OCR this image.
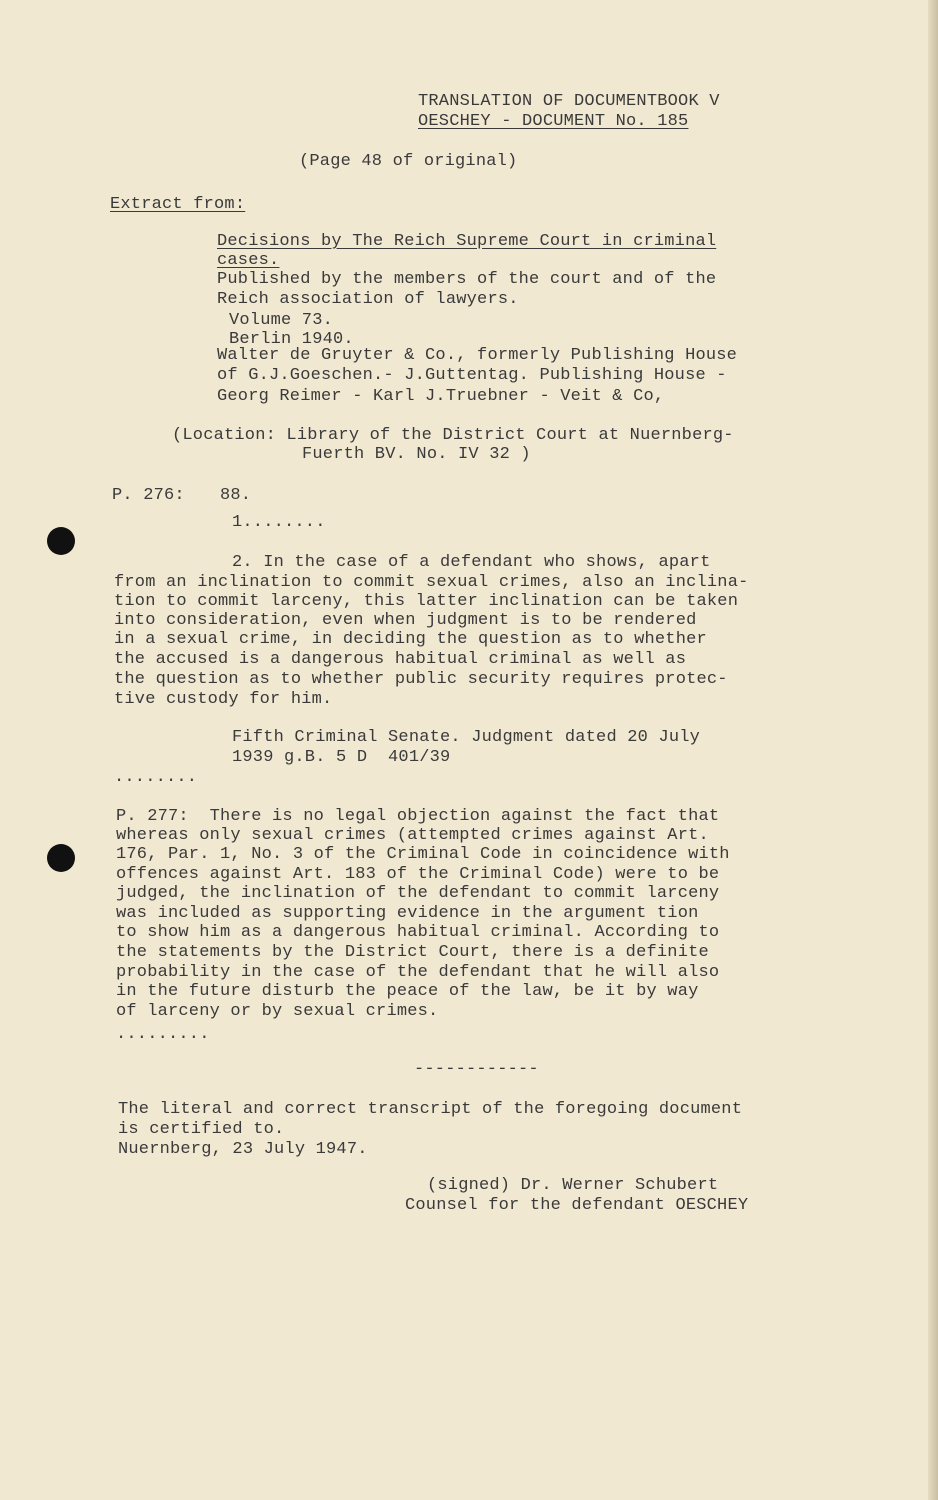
TRANSLATION OF DOCUMENTBOOK V

OESCHEY - DOCUMENT No. 185

(Page 48 of original)

Extract from:

Decisions by The Reich Supreme Court in criminal

cases.

Published by the members of the court and of the

Reich association of lawyers.

Volume 73.

Berlin 1940.

Walter de Gruyter & Co., formerly Publishing House

of G.J.Goeschen.- J.Guttentag. Publishing House -

Georg Reimer - Karl J.Truebner - Veit & Co,

(Location: Library of the District Court at Nuernberg-

Fuerth BV. No. IV 32 )

P. 276: 88.

1........

2. In the case of a defendant who shows, apart

from an inclination to commit sexual crimes, also an inclina-

tion to commit larceny, this latter inclination can be taken

into consideration, even when judgment is to be rendered

in a sexual crime, in deciding the question as to whether

the accused is a dangerous habitual criminal as well as

the question as to whether public security requires protec-

tive custody for him.

Fifth Criminal Senate. Judgment dated 20 July

1939 g.B. 5 D  401/39

........

P. 277:  There is no legal objection against the fact that

whereas only sexual crimes (attempted crimes against Art.

176, Par. 1, No. 3 of the Criminal Code in coincidence with

offences against Art. 183 of the Criminal Code) were to be

judged, the inclination of the defendant to commit larceny

was included as supporting evidence in the argument tion

to show him as a dangerous habitual criminal. According to

the statements by the District Court, there is a definite

probability in the case of the defendant that he will also

in the future disturb the peace of the law, be it by way

of larceny or by sexual crimes.

.........

------------

The literal and correct transcript of the foregoing document

is certified to.

Nuernberg, 23 July 1947.

(signed) Dr. Werner Schubert

Counsel for the defendant OESCHEY
